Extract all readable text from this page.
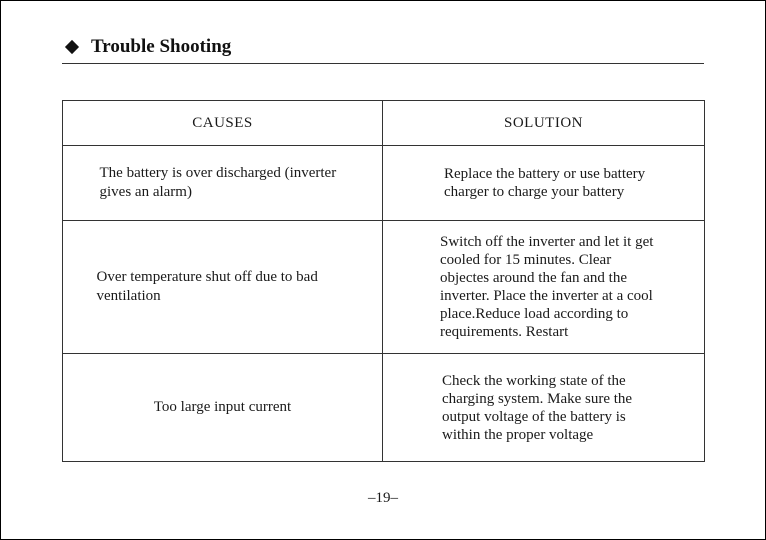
Trouble Shooting
CAUSES	SOLUTION
The battery is over discharged (inverter gives an alarm)	Replace the battery or use battery charger to charge your battery

Over temperature shut off due to bad ventilation	Switch off the inverter and let it get cooled for 15 minutes. Clear objectes around the fan and the inverter. Place the inverter at a cool place.Reduce load according to requirements. Restart

Too large input current	Check the working state of the charging system. Make sure the output voltage of the battery is within the proper voltage
–19–
